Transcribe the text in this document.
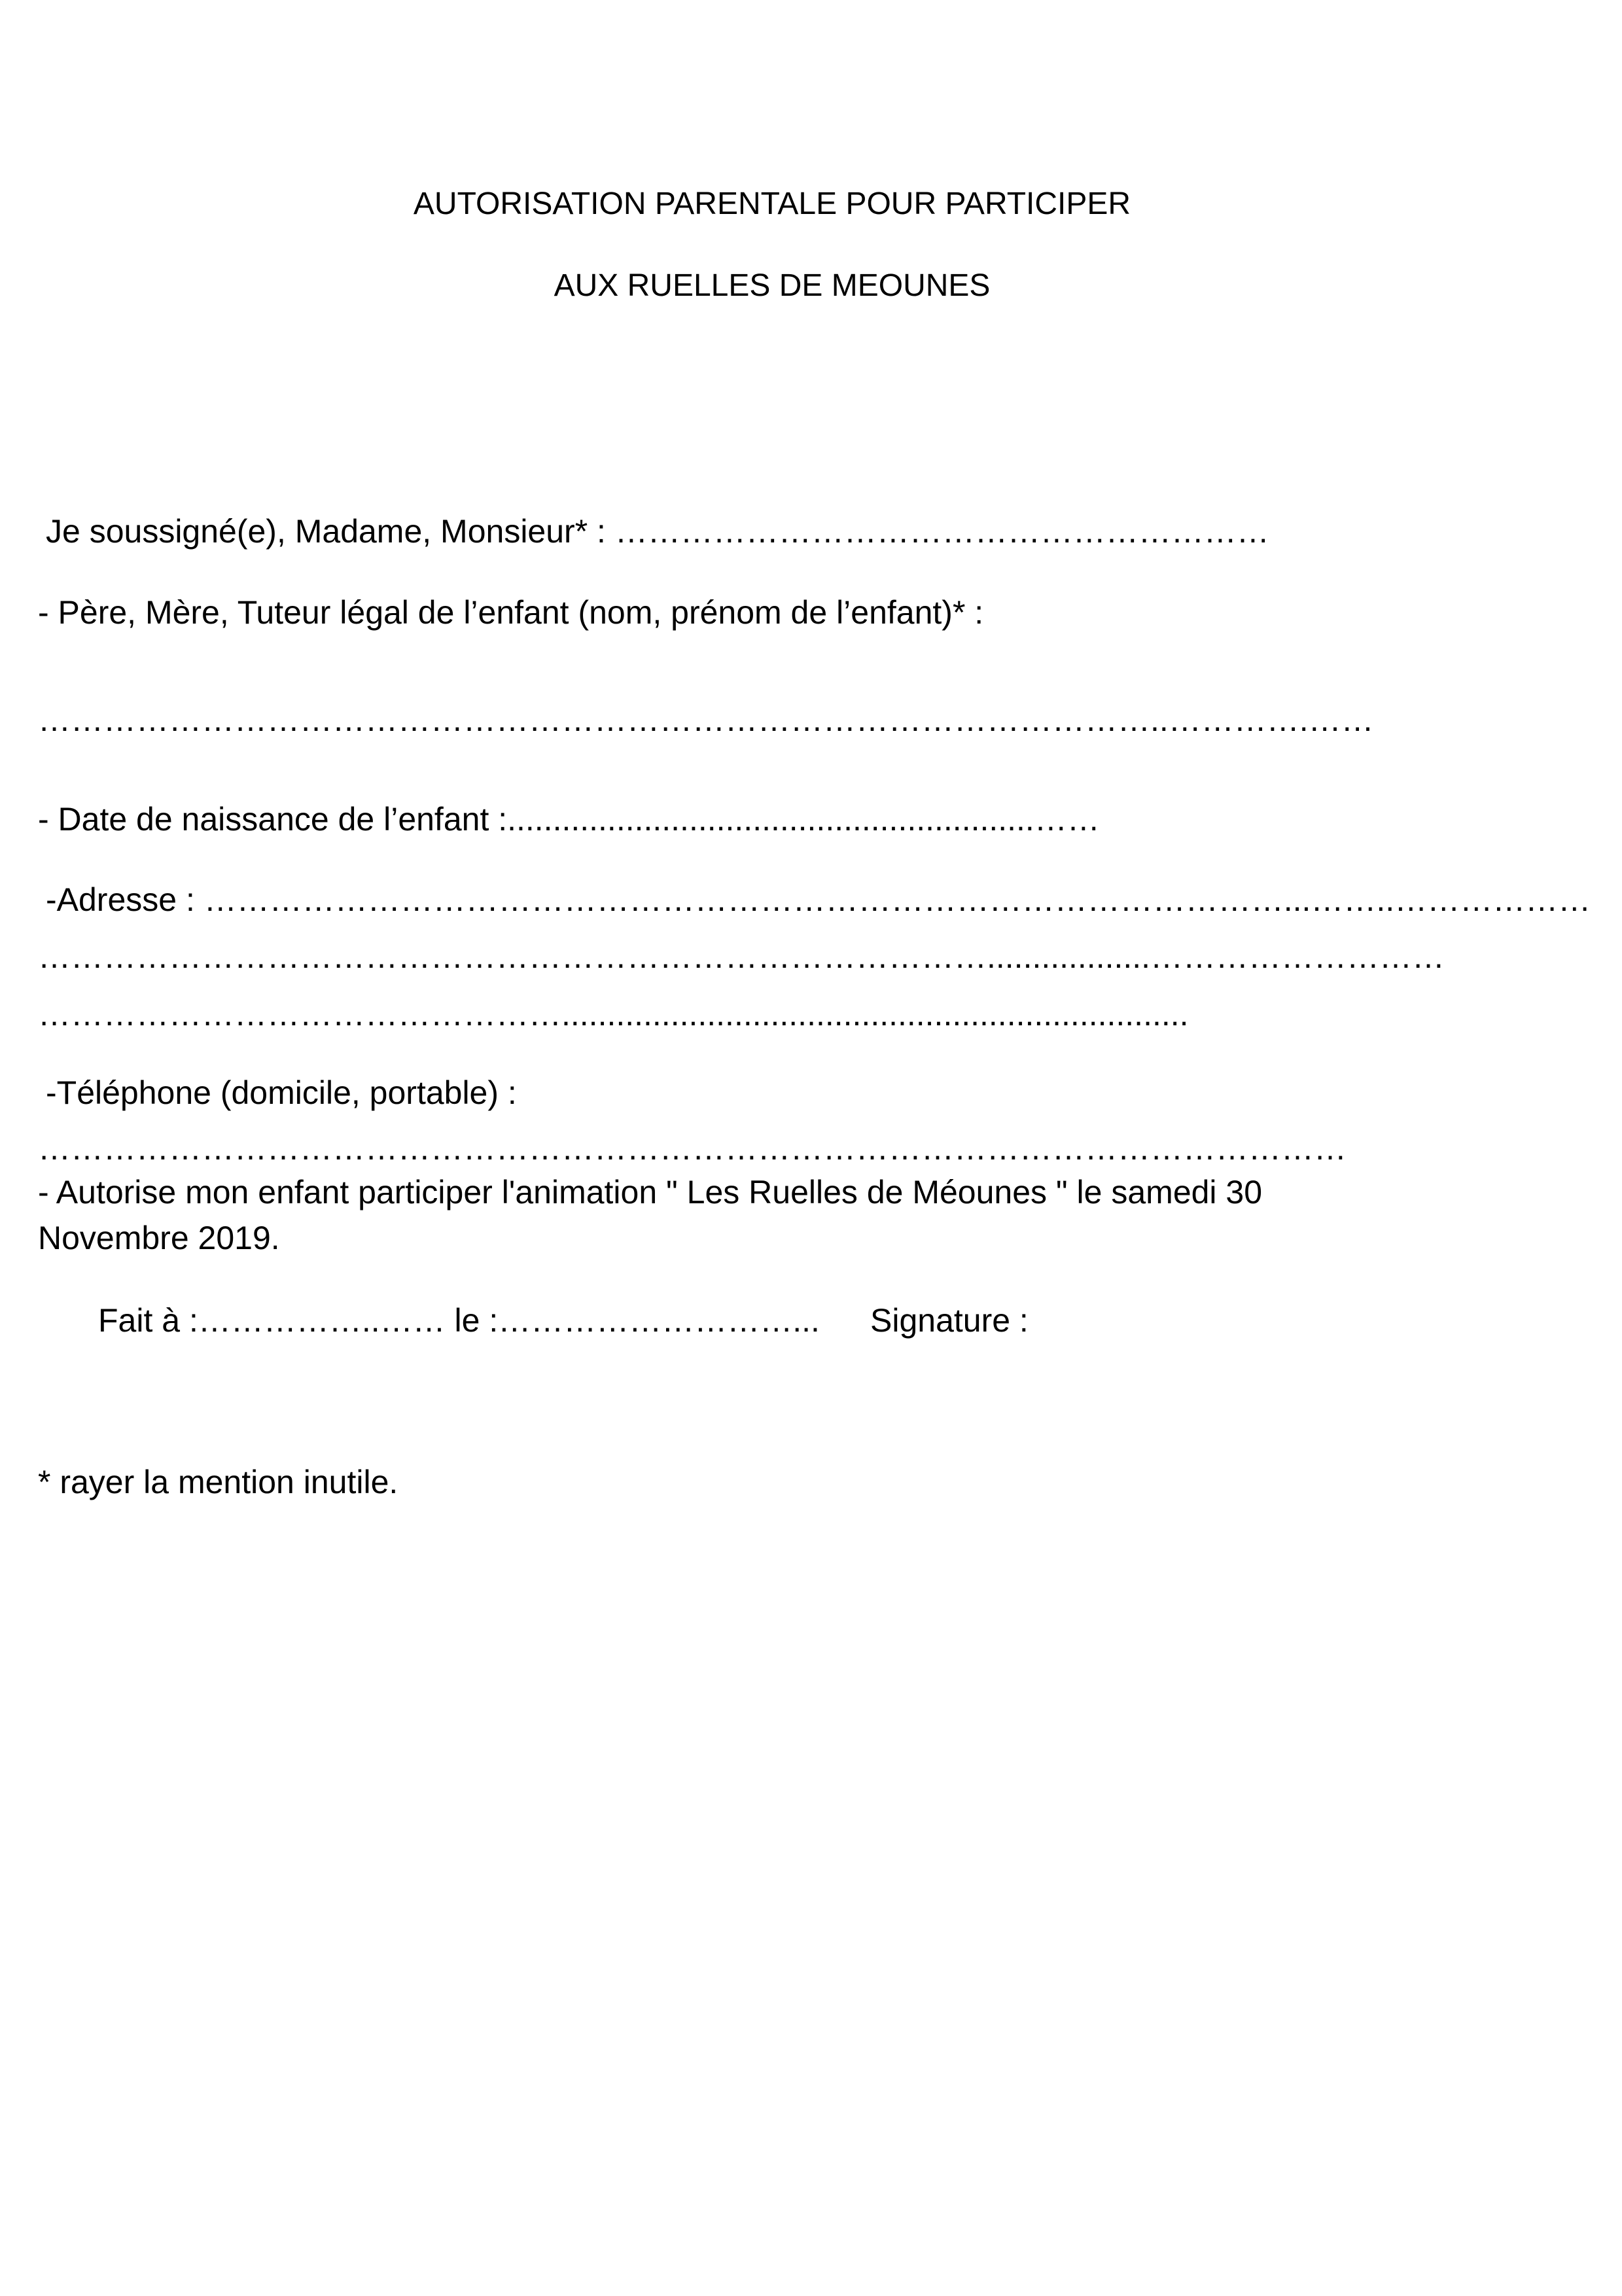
AUTORISATION PARENTALE POUR PARTICIPER
AUX RUELLES DE MEOUNES
Je soussigné(e), Madame, Monsieur* : ……………………………………………………
- Père, Mère, Tuteur légal de l’enfant (nom, prénom de l’enfant)* :
…………………………………………………………………………………………..………….……
- Date de naissance de l’enfant :..........................................................……
-Adresse : ………………………………………………………………………………………...……..………………
……………………………………………………………………………..................………………………
………………………………………….....................................................................
-Téléphone (domicile, portable) :
…………………………………………………………………………………………………………
- Autorise mon enfant participer l'animation " Les Ruelles de Méounes " le samedi 30
Novembre 2019.
Fait à :……………..…… le :………………………... Signature :
* rayer la mention inutile.
